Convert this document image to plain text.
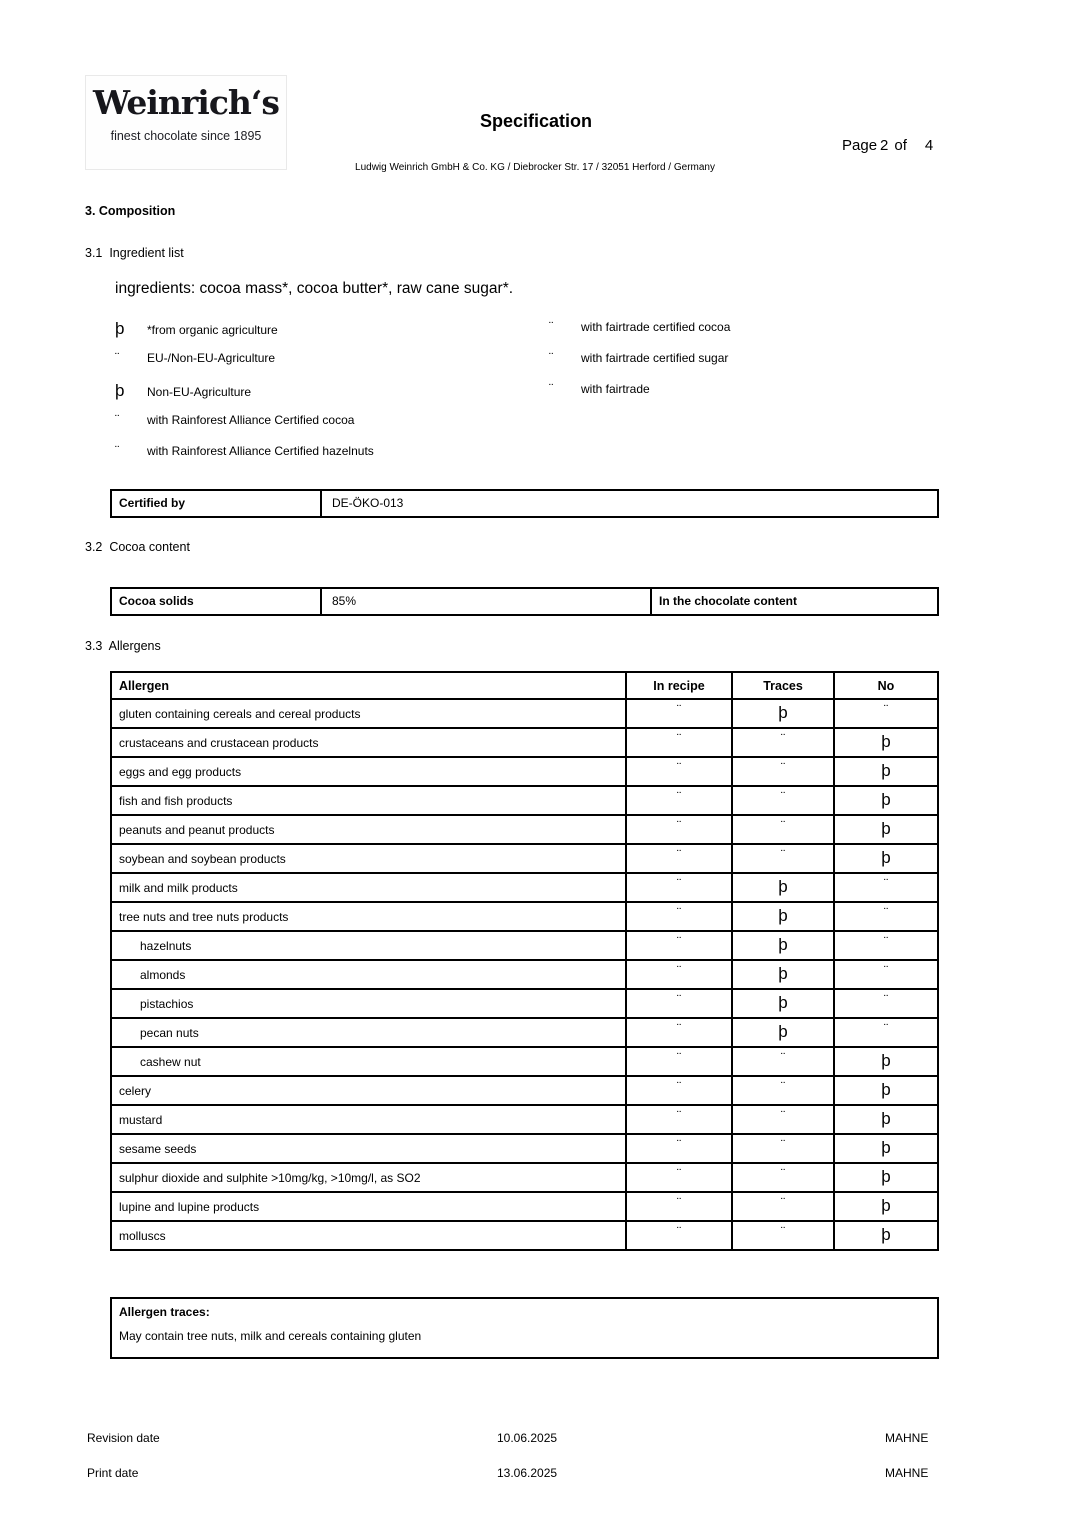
Weinrich‘s
finest chocolate since 1895
Specification
Page 2 of 4
Ludwig Weinrich GmbH & Co. KG / Diebrocker Str. 17 / 32051 Herford / Germany
3. Composition
3.1  Ingredient list
ingredients: cocoa mass*, cocoa butter*, raw cane sugar*.
þ	*from organic agriculture
¨	EU-/Non-EU-Agriculture
þ	Non-EU-Agriculture
¨	with Rainforest Alliance Certified cocoa
¨	with Rainforest Alliance Certified hazelnuts
¨	with fairtrade certified cocoa
¨	with fairtrade certified sugar
¨	with fairtrade
Certified by	DE-ÖKO-013
3.2  Cocoa content
Cocoa solids	85%	In the chocolate content
3.3  Allergens
Allergen	In recipe	Traces	No
gluten containing cereals and cereal products	¨	þ	¨
crustaceans and crustacean products	¨	¨	þ
eggs and egg products	¨	¨	þ
fish and fish products	¨	¨	þ
peanuts and peanut products	¨	¨	þ
soybean and soybean products	¨	¨	þ
milk and milk products	¨	þ	¨
tree nuts and tree nuts products	¨	þ	¨
hazelnuts	¨	þ	¨
almonds	¨	þ	¨
pistachios	¨	þ	¨
pecan nuts	¨	þ	¨
cashew nut	¨	¨	þ
celery	¨	¨	þ
mustard	¨	¨	þ
sesame seeds	¨	¨	þ
sulphur dioxide and sulphite >10mg/kg, >10mg/l, as SO2	¨	¨	þ
lupine and lupine products	¨	¨	þ
molluscs	¨	¨	þ
Allergen traces:
May contain tree nuts, milk and cereals containing gluten
Revision date	10.06.2025	MAHNE
Print date	13.06.2025	MAHNE
